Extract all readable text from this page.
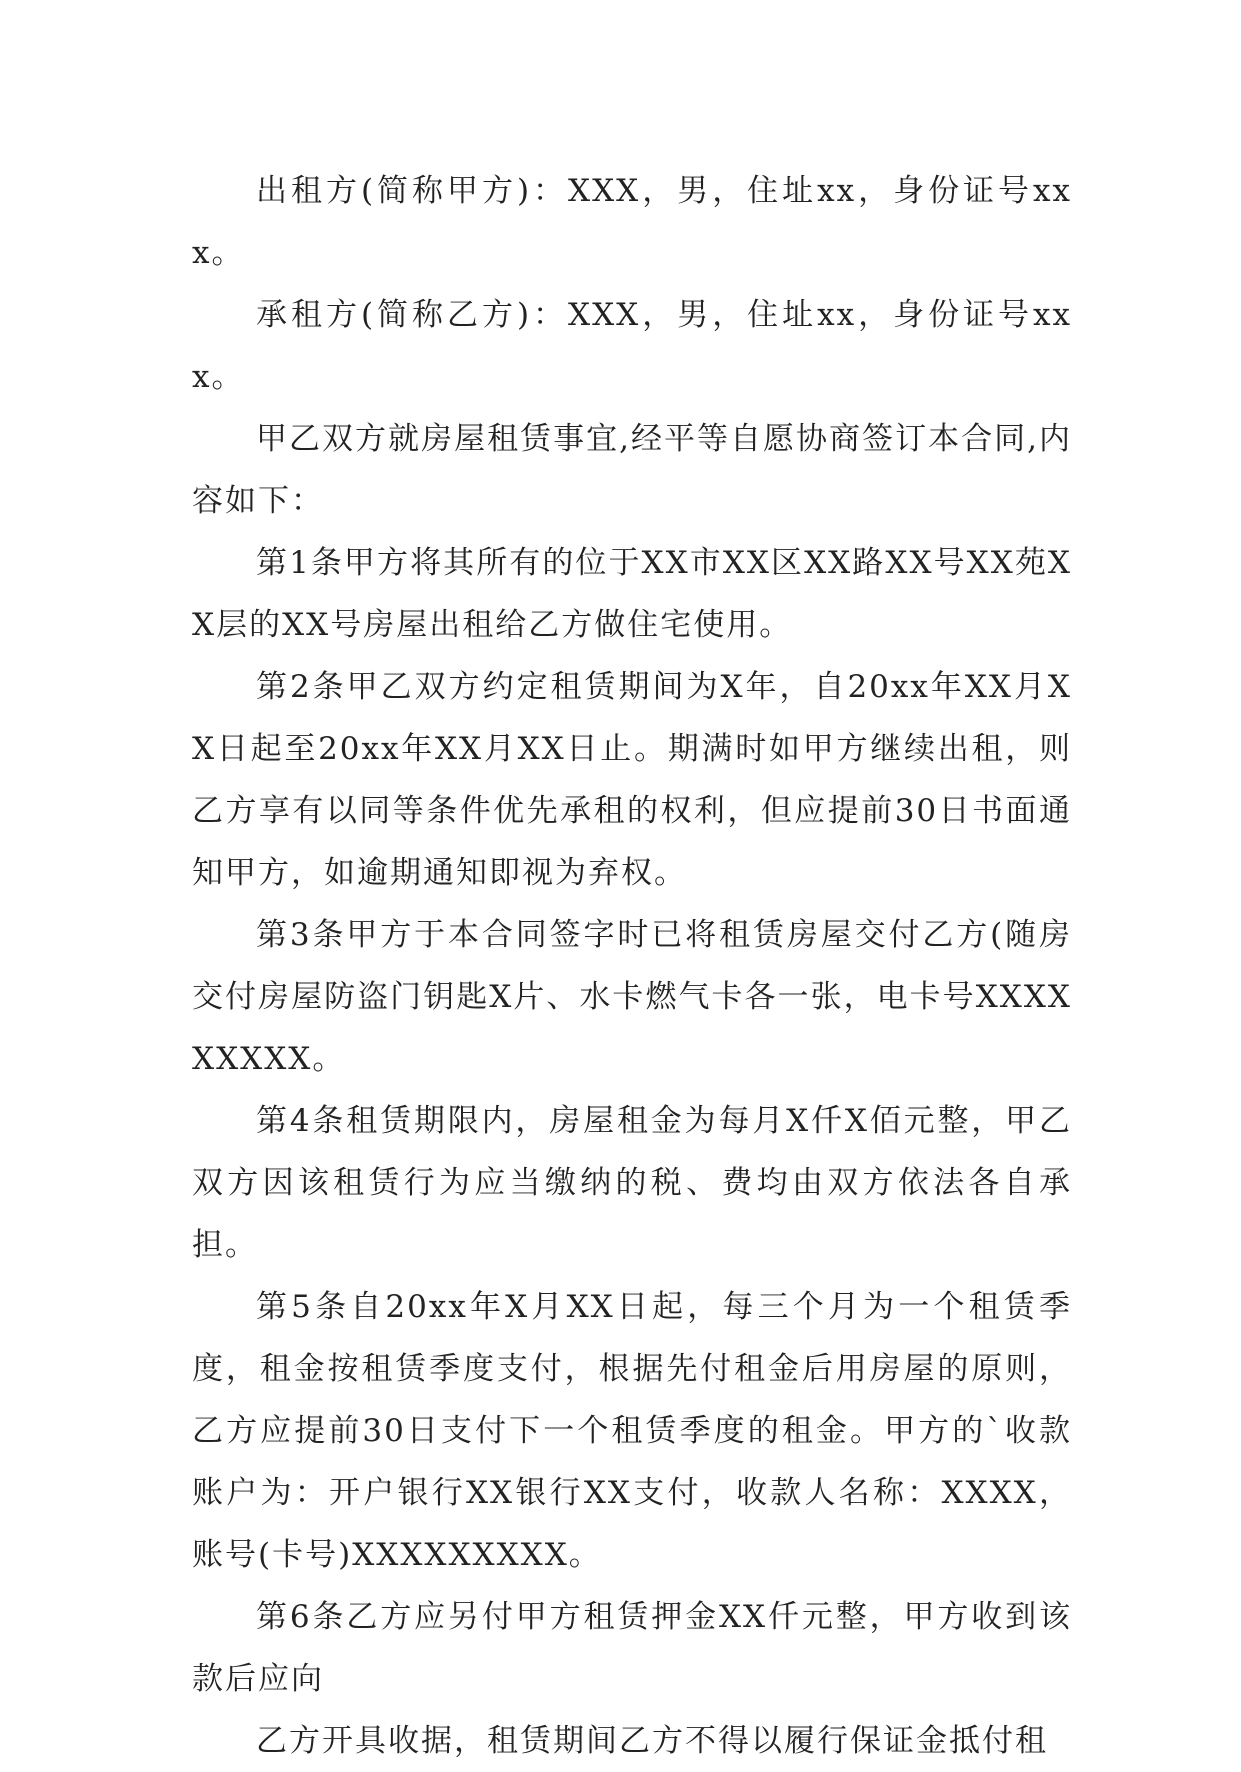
出租方(简称甲方)：XXX，男，住址xx，身份证号xxx。

承租方(简称乙方)：XXX，男，住址xx，身份证号xxx。

甲乙双方就房屋租赁事宜,经平等自愿协商签订本合同,内容如下：

第1条甲方将其所有的位于XX市XX区XX路XX号XX苑XX层的XX号房屋出租给乙方做住宅使用。

第2条甲乙双方约定租赁期间为X年，自20xx年XX月XX日起至20xx年XX月XX日止。期满时如甲方继续出租，则乙方享有以同等条件优先承租的权利，但应提前30日书面通知甲方，如逾期通知即视为弃权。

第3条甲方于本合同签字时已将租赁房屋交付乙方(随房交付房屋防盗门钥匙X片、水卡燃气卡各一张，电卡号XXXXXXXXX。

第4条租赁期限内，房屋租金为每月X仟X佰元整，甲乙双方因该租赁行为应当缴纳的税、费均由双方依法各自承担。

第5条自20xx年X月XX日起，每三个月为一个租赁季度，租金按租赁季度支付，根据先付租金后用房屋的原则，乙方应提前30日支付下一个租赁季度的租金。甲方的`收款账户为：开户银行XX银行XX支付，收款人名称：XXXX，账号(卡号)XXXXXXXXX。

第6条乙方应另付甲方租赁押金XX仟元整，甲方收到该款后应向

乙方开具收据，租赁期间乙方不得以履行保证金抵付租
